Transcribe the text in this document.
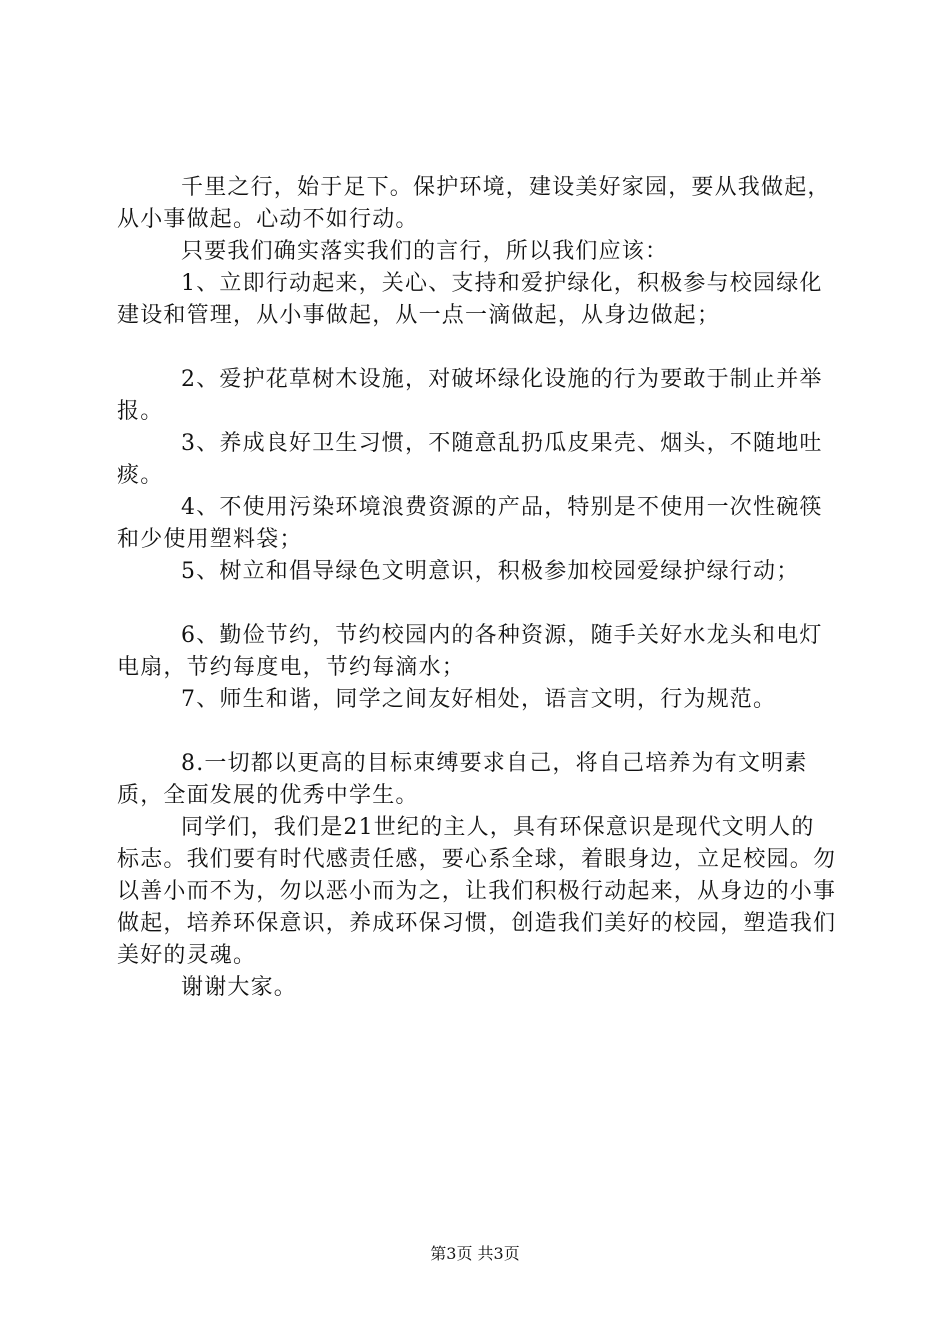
千里之行，始于足下。保护环境，建设美好家园，要从我做起，从小事做起。心动不如行动。

只要我们确实落实我们的言行，所以我们应该：

1、立即行动起来，关心、支持和爱护绿化，积极参与校园绿化建设和管理，从小事做起，从一点一滴做起，从身边做起；

2、爱护花草树木设施，对破坏绿化设施的行为要敢于制止并举报。

3、养成良好卫生习惯，不随意乱扔瓜皮果壳、烟头，不随地吐痰。

4、不使用污染环境浪费资源的产品，特别是不使用一次性碗筷和少使用塑料袋；

5、树立和倡导绿色文明意识，积极参加校园爱绿护绿行动；

6、勤俭节约，节约校园内的各种资源，随手关好水龙头和电灯电扇，节约每度电，节约每滴水；

7、师生和谐，同学之间友好相处，语言文明，行为规范。

8.一切都以更高的目标束缚要求自己，将自己培养为有文明素质，全面发展的优秀中学生。

同学们，我们是21世纪的主人，具有环保意识是现代文明人的标志。我们要有时代感责任感，要心系全球，着眼身边，立足校园。勿以善小而不为，勿以恶小而为之，让我们积极行动起来，从身边的小事做起，培养环保意识，养成环保习惯，创造我们美好的校园，塑造我们美好的灵魂。

谢谢大家。

第3页 共3页
